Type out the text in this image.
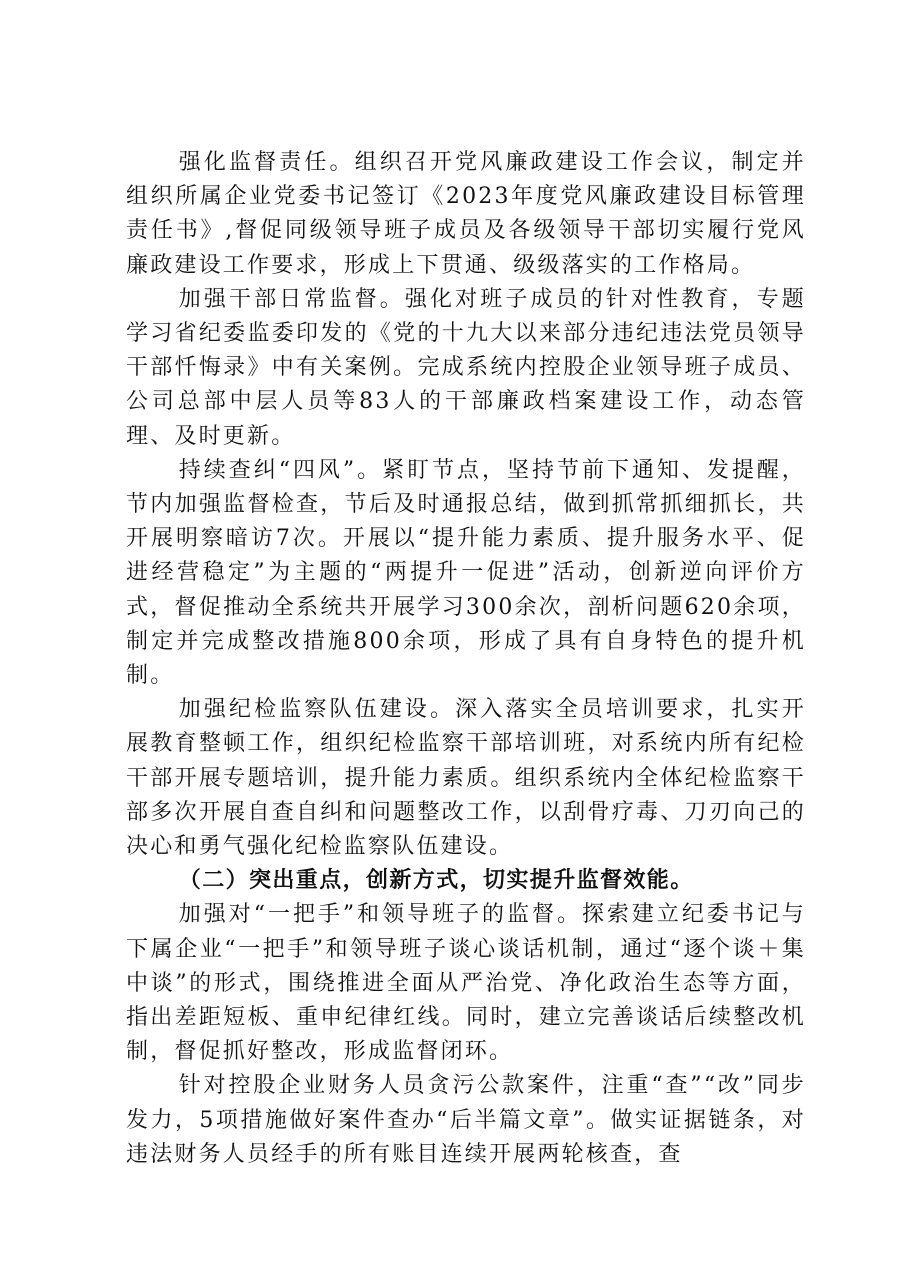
强化监督责任。组织召开党风廉政建设工作会议，制定并组织所属企业党委书记签订《2023年度党风廉政建设目标管理责任书》,督促同级领导班子成员及各级领导干部切实履行党风廉政建设工作要求，形成上下贯通、级级落实的工作格局。

加强干部日常监督。强化对班子成员的针对性教育，专题学习省纪委监委印发的《党的十九大以来部分违纪违法党员领导干部忏悔录》中有关案例。完成系统内控股企业领导班子成员、公司总部中层人员等83人的干部廉政档案建设工作，动态管理、及时更新。

持续查纠“四风”。紧盯节点，坚持节前下通知、发提醒，节内加强监督检查，节后及时通报总结，做到抓常抓细抓长，共开展明察暗访7次。开展以“提升能力素质、提升服务水平、促进经营稳定”为主题的“两提升一促进”活动，创新逆向评价方式，督促推动全系统共开展学习300余次，剖析问题620余项，制定并完成整改措施800余项，形成了具有自身特色的提升机制。

加强纪检监察队伍建设。深入落实全员培训要求，扎实开展教育整顿工作，组织纪检监察干部培训班，对系统内所有纪检干部开展专题培训，提升能力素质。组织系统内全体纪检监察干部多次开展自查自纠和问题整改工作，以刮骨疗毒、刀刃向己的决心和勇气强化纪检监察队伍建设。

（二）突出重点，创新方式，切实提升监督效能。

加强对“一把手”和领导班子的监督。探索建立纪委书记与下属企业“一把手”和领导班子谈心谈话机制，通过“逐个谈＋集中谈”的形式，围绕推进全面从严治党、净化政治生态等方面，指出差距短板、重申纪律红线。同时，建立完善谈话后续整改机制，督促抓好整改，形成监督闭环。

针对控股企业财务人员贪污公款案件，注重“查”“改”同步发力，5项措施做好案件查办“后半篇文章”。做实证据链条，对违法财务人员经手的所有账目连续开展两轮核查，查
